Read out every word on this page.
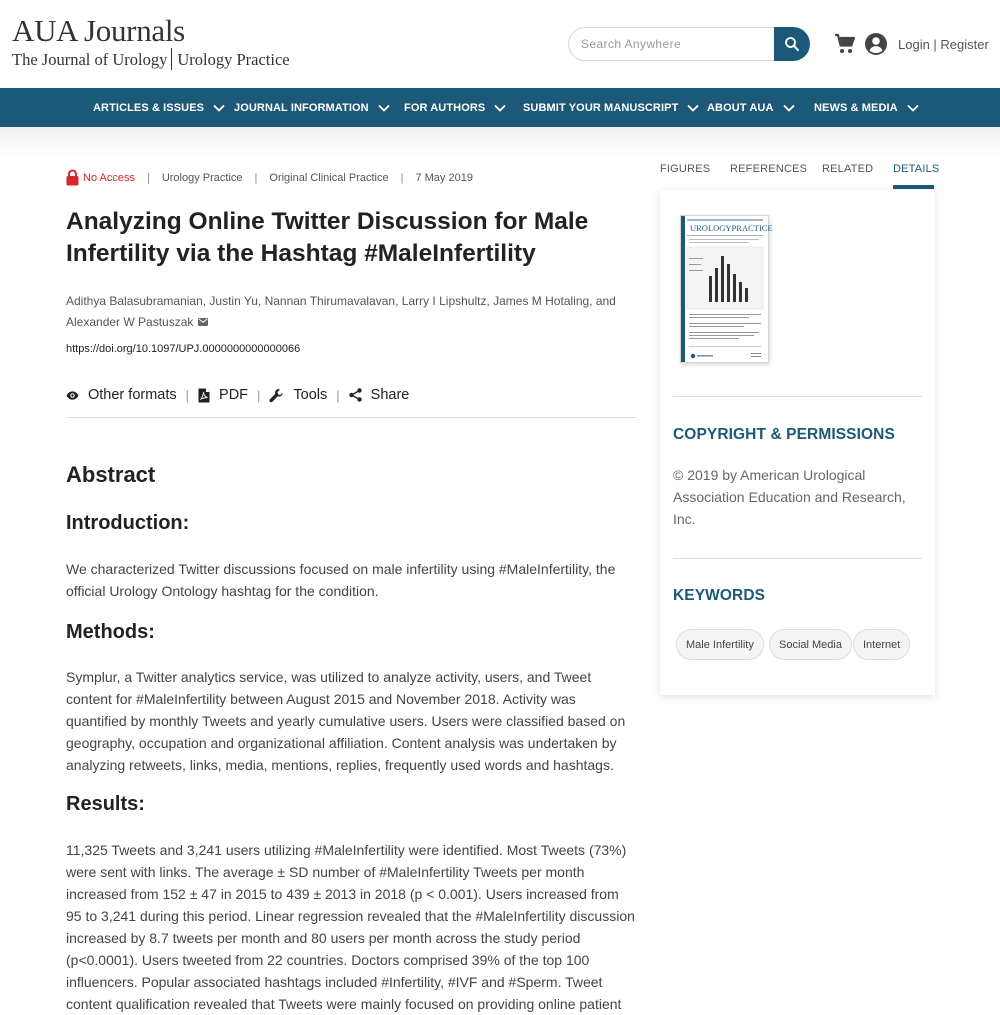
AUA Journals
The Journal of Urology Urology Practice
Search Anywhere
Login | Register
ARTICLES & ISSUES	JOURNAL INFORMATION	FOR AUTHORS	SUBMIT YOUR MANUSCRIPT	ABOUT AUA	NEWS & MEDIA
No Access | Urology Practice | Original Clinical Practice | 7 May 2019
Analyzing Online Twitter Discussion for Male Infertility via the Hashtag #MaleInfertility
Adithya Balasubramanian, Justin Yu, Nannan Thirumavalavan, Larry I Lipshultz, James M Hotaling, and
Alexander W Pastuszak
https://doi.org/10.1097/UPJ.0000000000000066
Other formats | PDF | Tools | Share
Abstract
Introduction:

We characterized Twitter discussions focused on male infertility using #MaleInfertility, the official Urology Ontology hashtag for the condition.

Methods:

Symplur, a Twitter analytics service, was utilized to analyze activity, users, and Tweet content for #MaleInfertility between August 2015 and November 2018. Activity was quantified by monthly Tweets and yearly cumulative users. Users were classified based on geography, occupation and organizational affiliation. Content analysis was undertaken by analyzing retweets, links, media, mentions, replies, frequently used words and hashtags.

Results:

11,325 Tweets and 3,241 users utilizing #MaleInfertility were identified. Most Tweets (73%) were sent with links. The average ± SD number of #MaleInfertility Tweets per month increased from 152 ± 47 in 2015 to 439 ± 2013 in 2018 (p < 0.001). Users increased from 95 to 3,241 during this period. Linear regression revealed that the #MaleInfertility discussion increased by 8.7 tweets per month and 80 users per month across the study period (p<0.0001). Users tweeted from 22 countries. Doctors comprised 39% of the top 100 influencers. Popular associated hashtags included #Infertility, #IVF and #Sperm. Tweet content qualification revealed that Tweets were mainly focused on providing online patient

FIGURES REFERENCES RELATED DETAILS
UROLOGYPRACTICE
COPYRIGHT & PERMISSIONS

© 2019 by American Urological Association Education and Research, Inc.

KEYWORDS
Male Infertility	Social Media	Internet
